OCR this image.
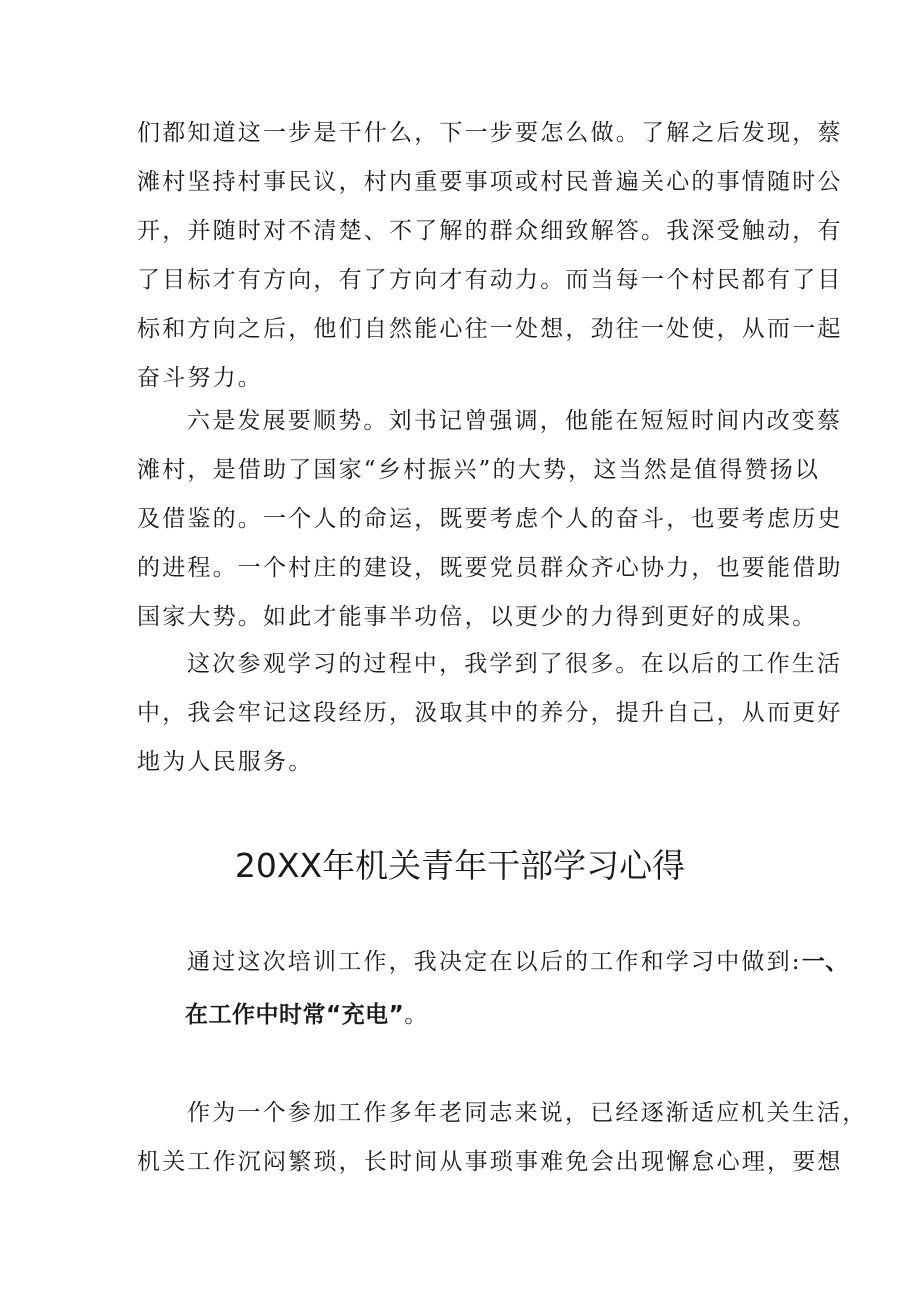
们都知道这一步是干什么，下一步要怎么做。了解之后发现，蔡
滩村坚持村事民议，村内重要事项或村民普遍关心的事情随时公
开，并随时对不清楚、不了解的群众细致解答。我深受触动，有
了目标才有方向，有了方向才有动力。而当每一个村民都有了目
标和方向之后，他们自然能心往一处想，劲往一处使，从而一起
奋斗努力。

六是发展要顺势。刘书记曾强调，他能在短短时间内改变蔡
滩村，是借助了国家“乡村振兴”的大势，这当然是值得赞扬以
及借鉴的。一个人的命运，既要考虑个人的奋斗，也要考虑历史
的进程。一个村庄的建设，既要党员群众齐心协力，也要能借助
国家大势。如此才能事半功倍，以更少的力得到更好的成果。

这次参观学习的过程中，我学到了很多。在以后的工作生活
中，我会牢记这段经历，汲取其中的养分，提升自己，从而更好
地为人民服务。

20XX年机关青年干部学习心得

通过这次培训工作，我决定在以后的工作和学习中做到:一、
在工作中时常“充电”。

作为一个参加工作多年老同志来说，已经逐渐适应机关生活，
机关工作沉闷繁琐，长时间从事琐事难免会出现懈怠心理，要想
